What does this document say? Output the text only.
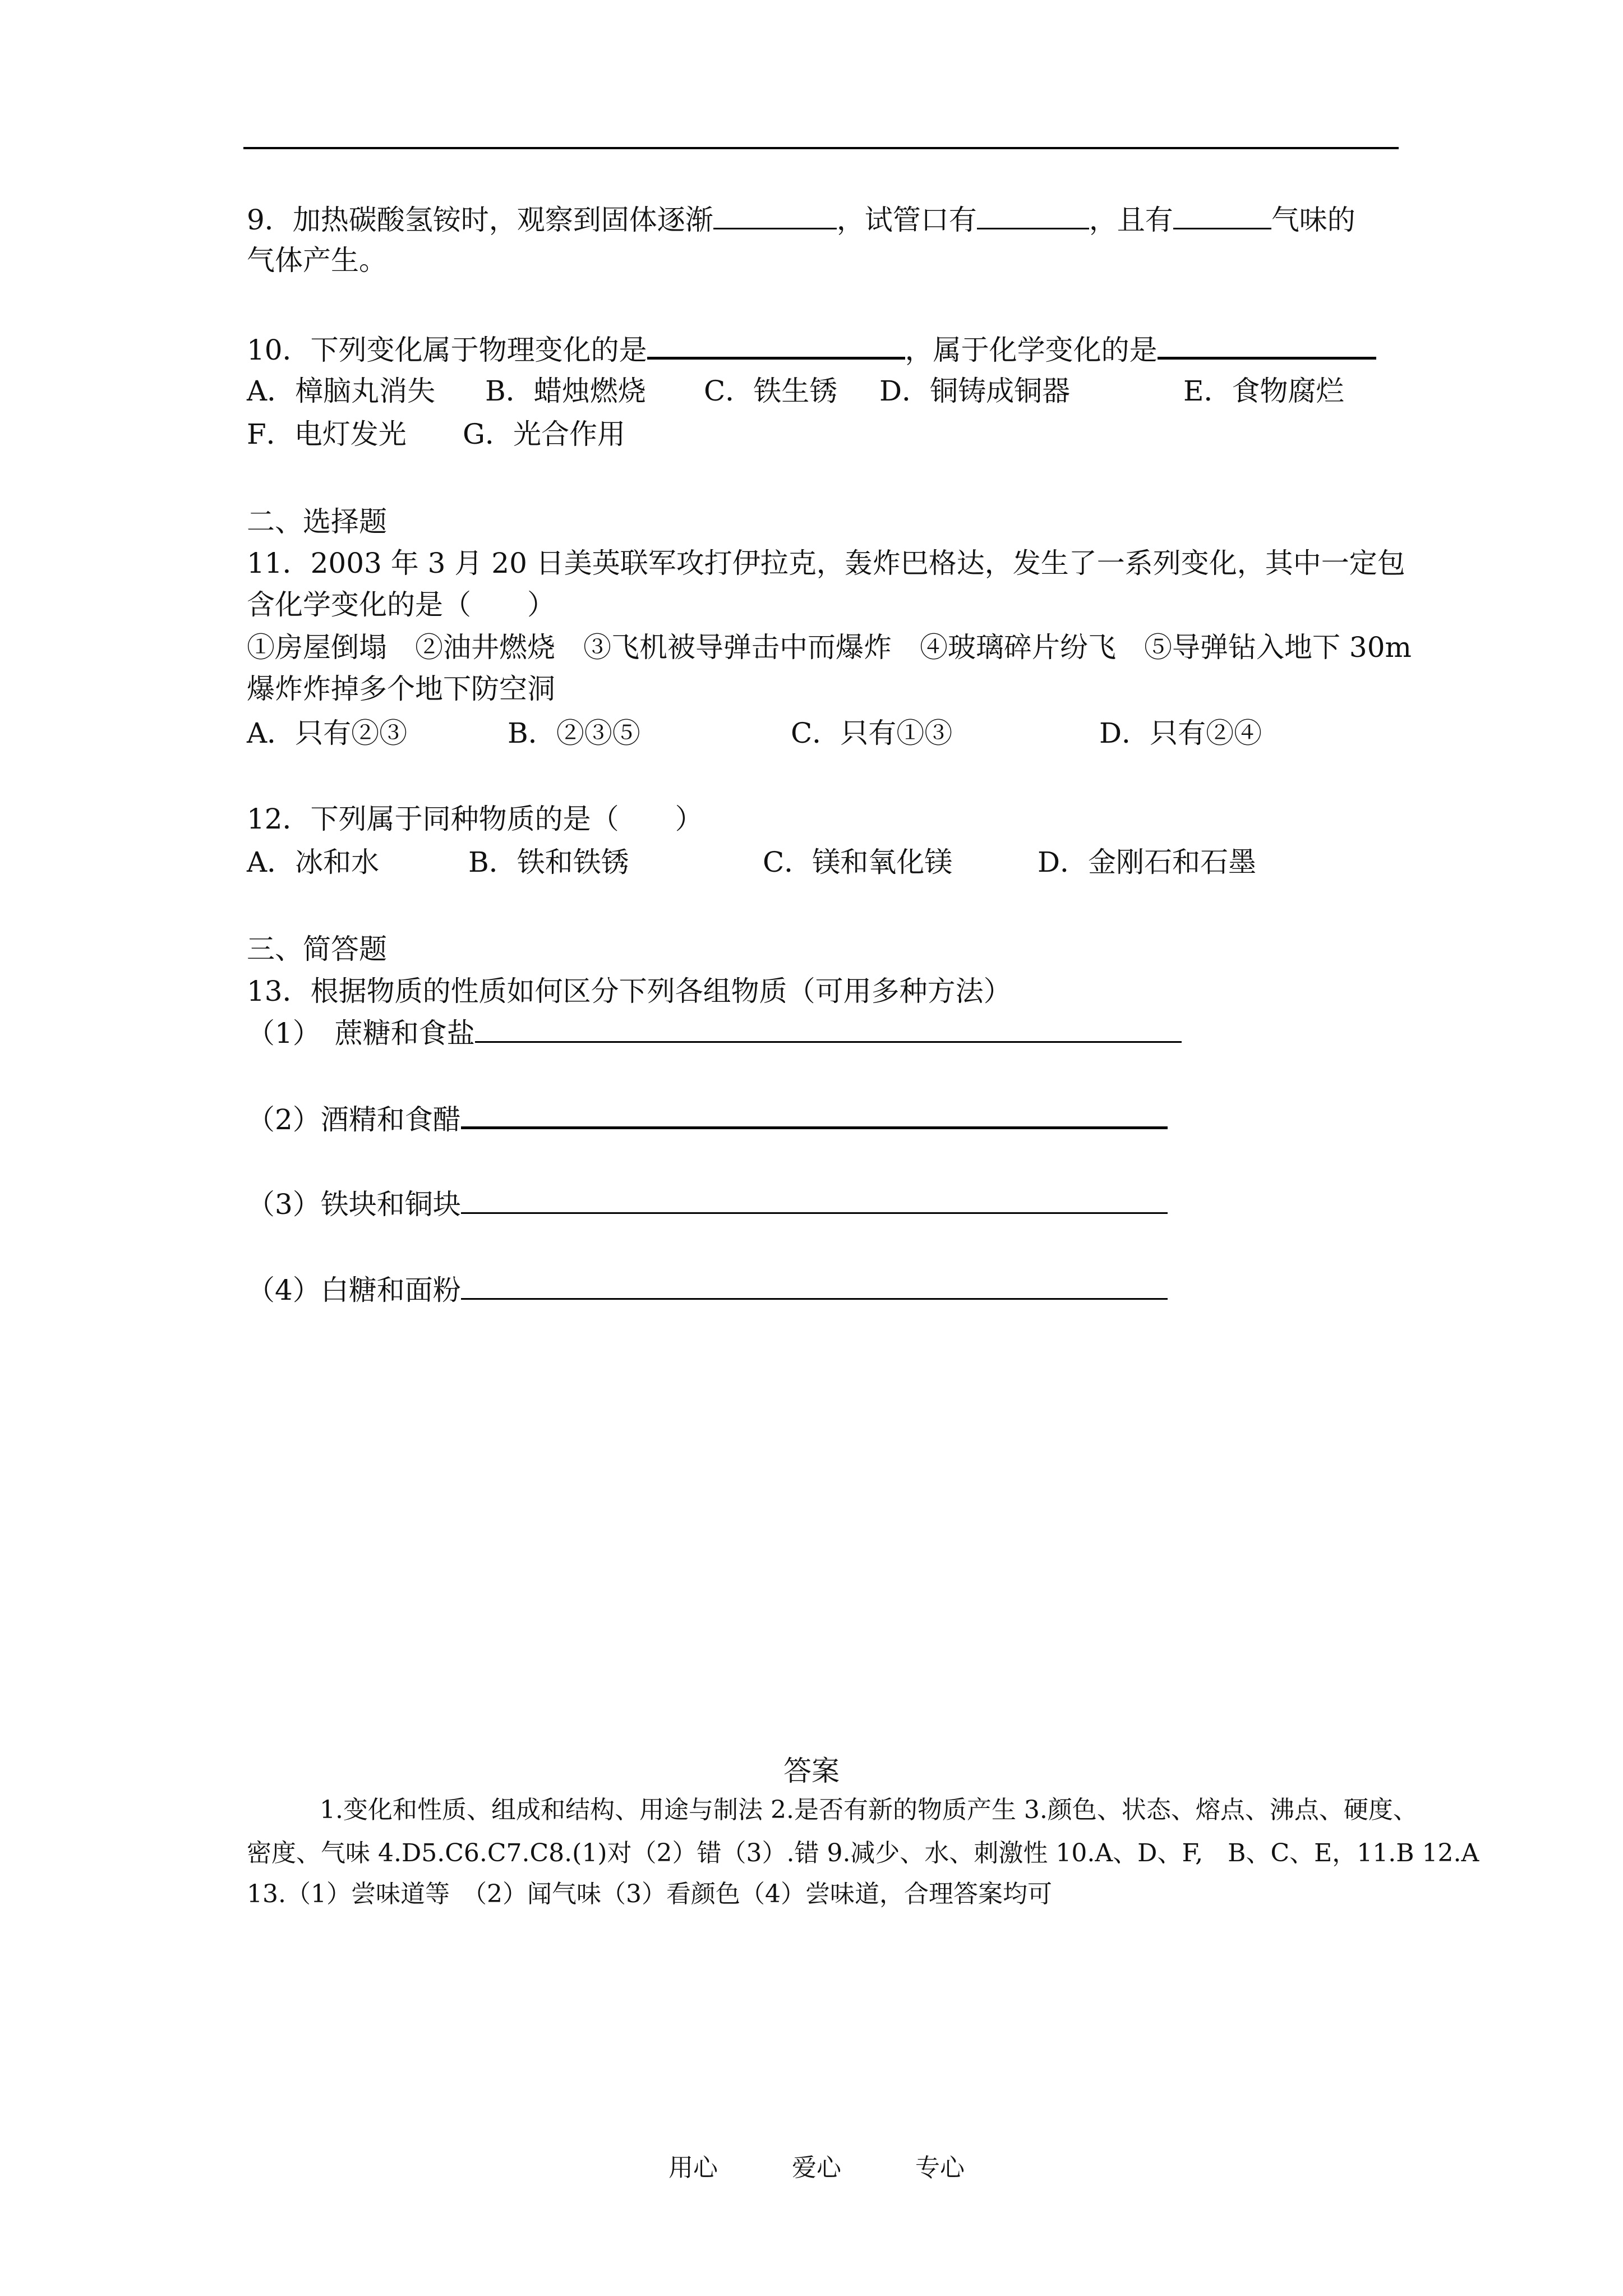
9．加热碳酸氢铵时，观察到固体逐渐	，试管口有	，且有	气味的
气体产生。
10．下列变化属于物理变化的是	，属于化学变化的是
A．樟脑丸消失 B．蜡烛燃烧 C．铁生锈 D．铜铸成铜器	E．食物腐烂
F．电灯发光 G．光合作用
二、选择题
11．2003 年 3 月 20 日美英联军攻打伊拉克，轰炸巴格达，发生了一系列变化，其中一定包
含化学变化的是（　　）
①房屋倒塌　②油井燃烧　③飞机被导弹击中而爆炸　④玻璃碎片纷飞　⑤导弹钻入地下 30m
爆炸炸掉多个地下防空洞
A．只有②③	B．②③⑤	C．只有①③	D．只有②④
12．下列属于同种物质的是（　　）
A．冰和水	B．铁和铁锈	C．镁和氧化镁	D．金刚石和石墨
三、简答题
13．根据物质的性质如何区分下列各组物质（可用多种方法）
（1）　蔗糖和食盐
（2）酒精和食醋
（3）铁块和铜块
（4）白糖和面粉
答案
1.变化和性质、组成和结构、用途与制法 2.是否有新的物质产生 3.颜色、状态、熔点、沸点、硬度、
密度、气味 4.D5.C6.C7.C8.(1)对（2）错（3）.错 9.减少、水、刺激性 10.A、D、F,　B、C、E，11.B 12.A
13.（1）尝味道等　（2）闻气味（3）看颜色（4）尝味道，合理答案均可
用心	爱心	专心
